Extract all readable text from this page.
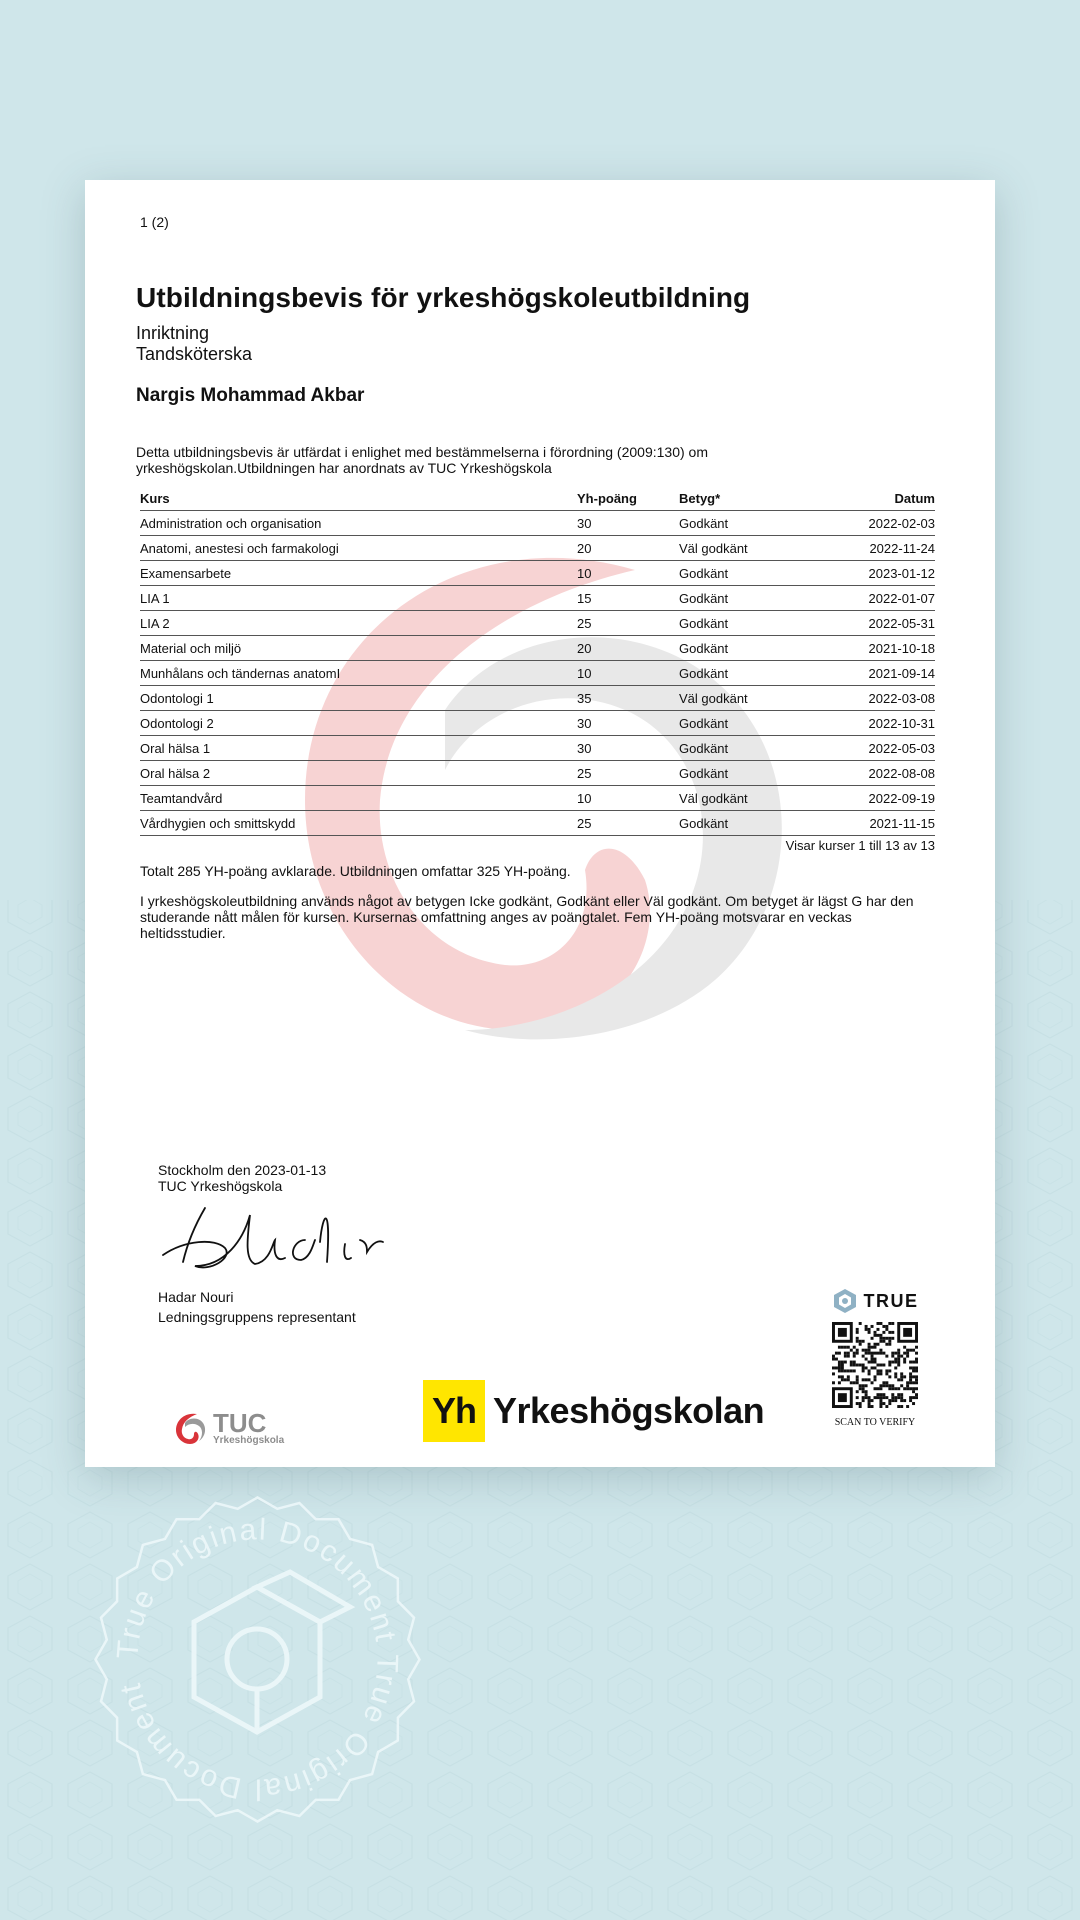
1 (2)
Utbildningsbevis för yrkeshögskoleutbildning
Inriktning
Tandsköterska
Nargis Mohammad Akbar
Detta utbildningsbevis är utfärdat i enlighet med bestämmelserna i förordning (2009:130) om yrkeshögskolan.Utbildningen har anordnats av TUC Yrkeshögskola
Kurs	Yh-poäng	Betyg*	Datum
Administration och organisation	30	Godkänt	2022-02-03
Anatomi, anestesi och farmakologi	20	Väl godkänt	2022-11-24
Examensarbete	10	Godkänt	2023-01-12
LIA 1	15	Godkänt	2022-01-07
LIA 2	25	Godkänt	2022-05-31
Material och miljö	20	Godkänt	2021-10-18
Munhålans och tändernas anatomI	10	Godkänt	2021-09-14
Odontologi 1	35	Väl godkänt	2022-03-08
Odontologi 2	30	Godkänt	2022-10-31
Oral hälsa 1	30	Godkänt	2022-05-03
Oral hälsa 2	25	Godkänt	2022-08-08
Teamtandvård	10	Väl godkänt	2022-09-19
Vårdhygien och smittskydd	25	Godkänt	2021-11-15
Visar kurser 1 till 13 av 13
Totalt 285 YH-poäng avklarade. Utbildningen omfattar 325 YH-poäng.
I yrkeshögskoleutbildning används något av betygen Icke godkänt, Godkänt eller Väl godkänt. Om betyget är lägst G har den studerande nått målen för kursen. Kursernas omfattning anges av poängtalet. Fem YH-poäng motsvarar en veckas heltidsstudier.
Stockholm den 2023-01-13
TUC Yrkeshögskola
Hadar Nouri
Ledningsgruppens representant
TUC
Yrkeshögskola
Yh Yrkeshögskolan
TRUE
SCAN TO VERIFY
True Original Document True Original Document
